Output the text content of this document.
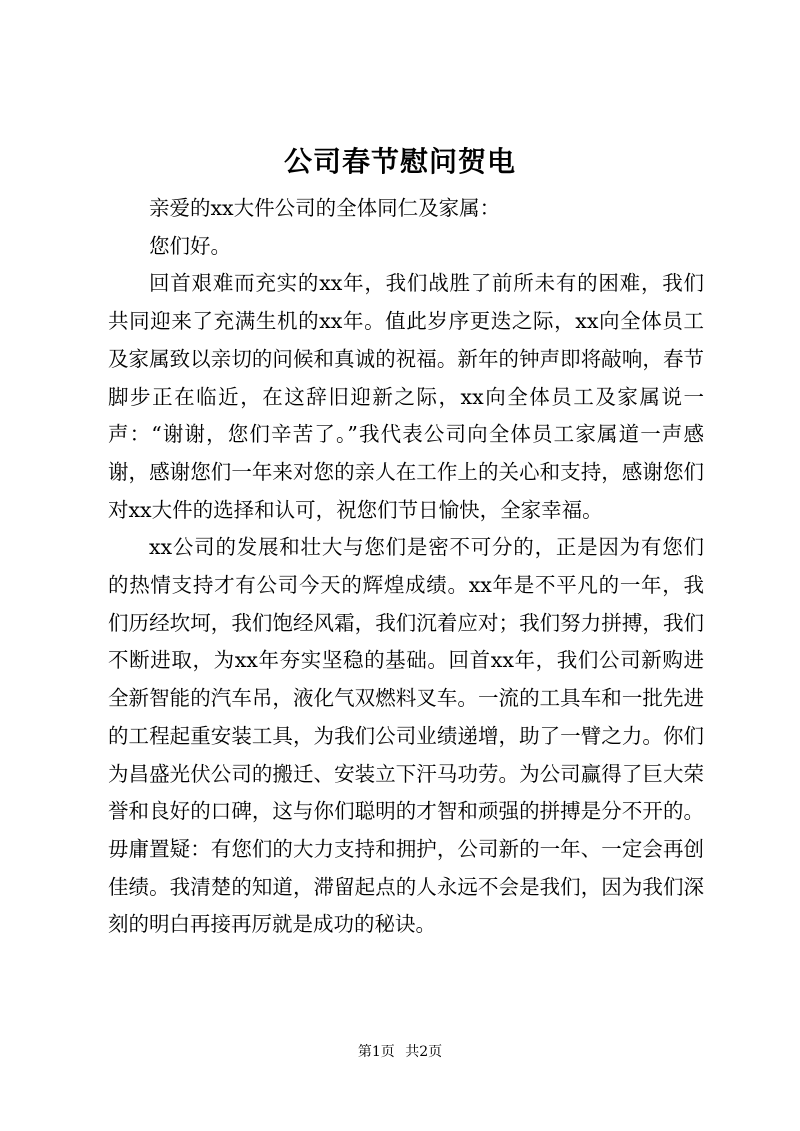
公司春节慰问贺电

亲爱的xx大件公司的全体同仁及家属：

您们好。

回首艰难而充实的xx年，我们战胜了前所未有的困难，我们共同迎来了充满生机的xx年。值此岁序更迭之际，xx向全体员工及家属致以亲切的问候和真诚的祝福。新年的钟声即将敲响，春节脚步正在临近，在这辞旧迎新之际，xx向全体员工及家属说一声：“谢谢，您们辛苦了。”我代表公司向全体员工家属道一声感谢，感谢您们一年来对您的亲人在工作上的关心和支持，感谢您们对xx大件的选择和认可，祝您们节日愉快，全家幸福。

xx公司的发展和壮大与您们是密不可分的，正是因为有您们的热情支持才有公司今天的辉煌成绩。xx年是不平凡的一年，我们历经坎坷，我们饱经风霜，我们沉着应对；我们努力拼搏，我们不断进取，为xx年夯实坚稳的基础。回首xx年，我们公司新购进全新智能的汽车吊，液化气双燃料叉车。一流的工具车和一批先进的工程起重安装工具，为我们公司业绩递增，助了一臂之力。你们为昌盛光伏公司的搬迁、安装立下汗马功劳。为公司赢得了巨大荣誉和良好的口碑，这与你们聪明的才智和顽强的拼搏是分不开的。毋庸置疑：有您们的大力支持和拥护，公司新的一年、一定会再创佳绩。我清楚的知道，滞留起点的人永远不会是我们，因为我们深刻的明白再接再厉就是成功的秘诀。

第1页 共2页
